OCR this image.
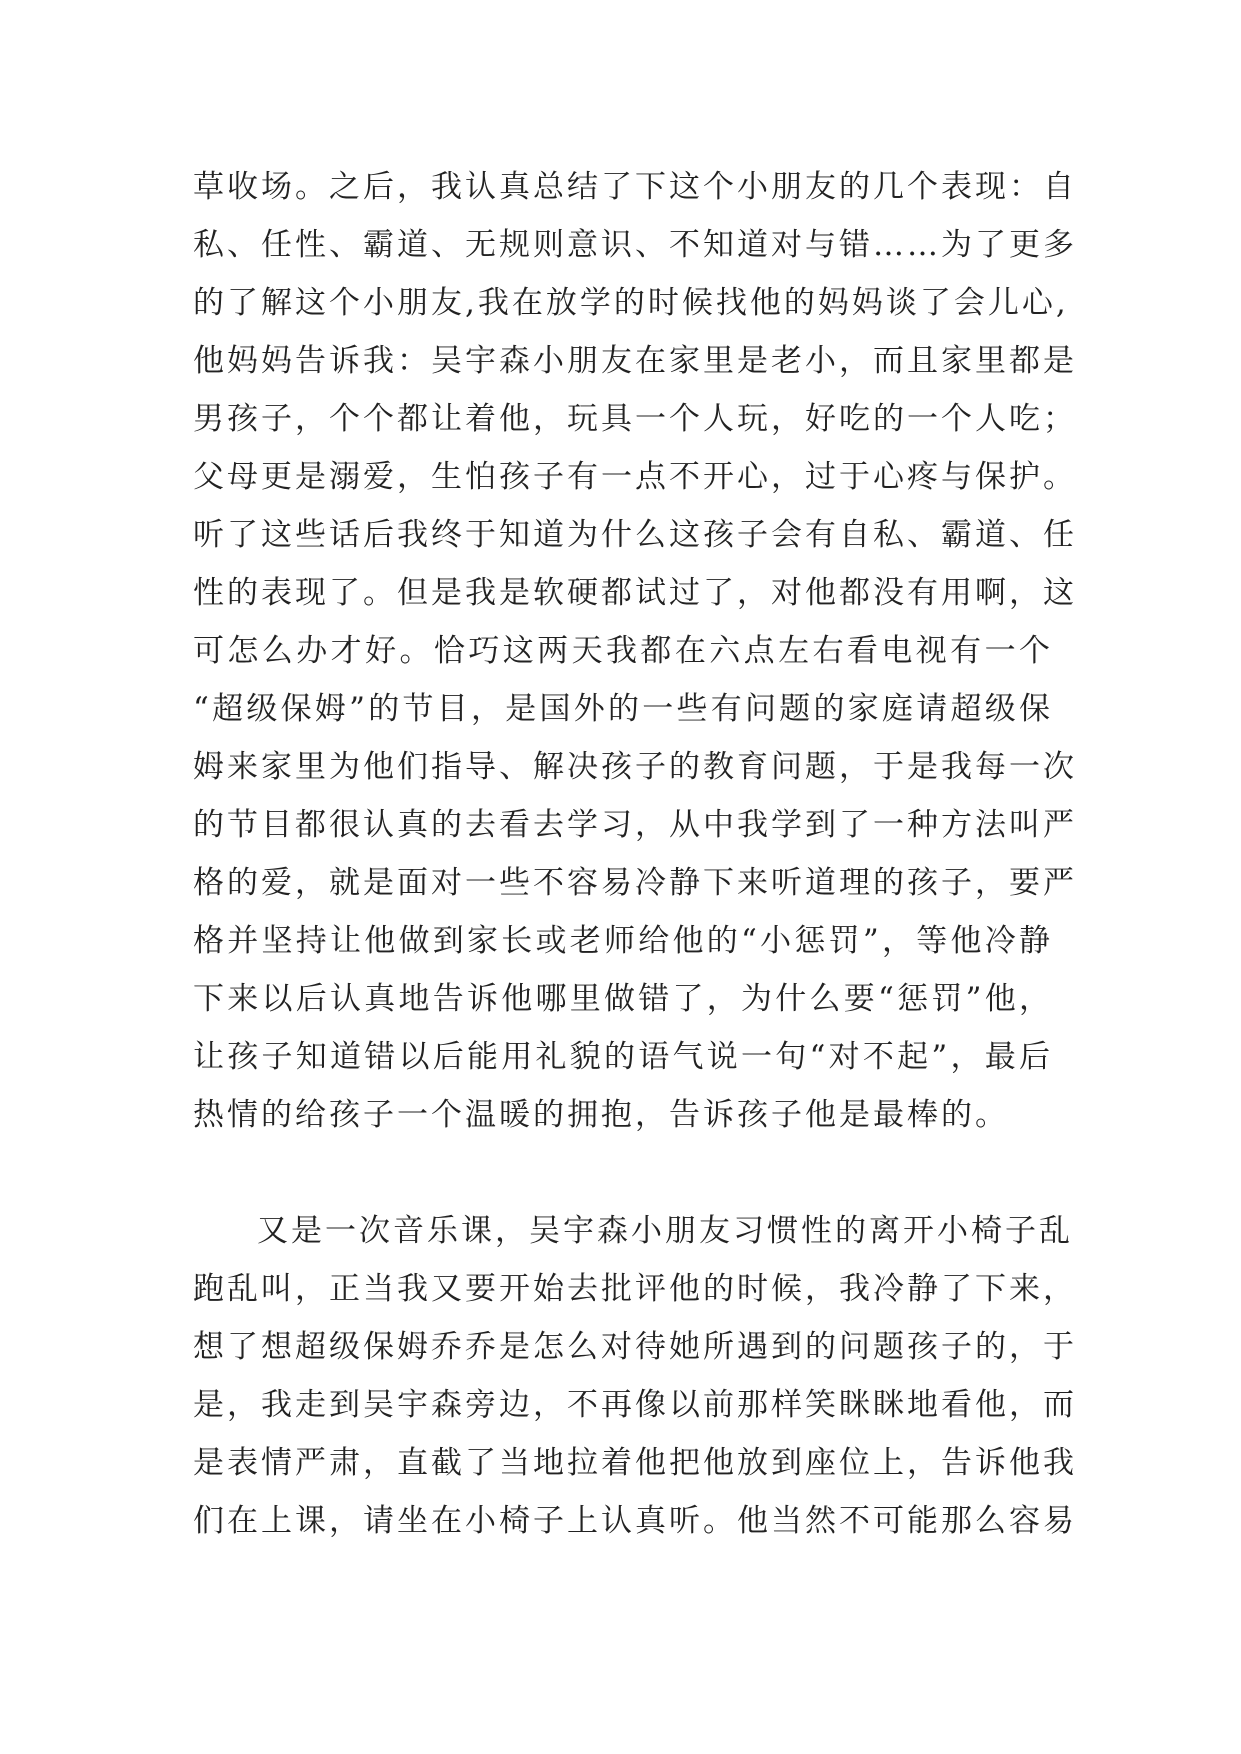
草收场。之后，我认真总结了下这个小朋友的几个表现：自
私、任性、霸道、无规则意识、不知道对与错……为了更多
的了解这个小朋友,我在放学的时候找他的妈妈谈了会儿心,
他妈妈告诉我：吴宇森小朋友在家里是老小，而且家里都是
男孩子，个个都让着他，玩具一个人玩，好吃的一个人吃；
父母更是溺爱，生怕孩子有一点不开心，过于心疼与保护。
听了这些话后我终于知道为什么这孩子会有自私、霸道、任
性的表现了。但是我是软硬都试过了，对他都没有用啊，这
可怎么办才好。恰巧这两天我都在六点左右看电视有一个
“超级保姆”的节目，是国外的一些有问题的家庭请超级保
姆来家里为他们指导、解决孩子的教育问题，于是我每一次
的节目都很认真的去看去学习，从中我学到了一种方法叫严
格的爱，就是面对一些不容易冷静下来听道理的孩子，要严
格并坚持让他做到家长或老师给他的“小惩罚”，等他冷静
下来以后认真地告诉他哪里做错了，为什么要“惩罚”他，
让孩子知道错以后能用礼貌的语气说一句“对不起”，最后
热情的给孩子一个温暖的拥抱，告诉孩子他是最棒的。
又是一次音乐课，吴宇森小朋友习惯性的离开小椅子乱
跑乱叫，正当我又要开始去批评他的时候，我冷静了下来，
想了想超级保姆乔乔是怎么对待她所遇到的问题孩子的，于
是，我走到吴宇森旁边，不再像以前那样笑眯眯地看他，而
是表情严肃，直截了当地拉着他把他放到座位上，告诉他我
们在上课，请坐在小椅子上认真听。他当然不可能那么容易
